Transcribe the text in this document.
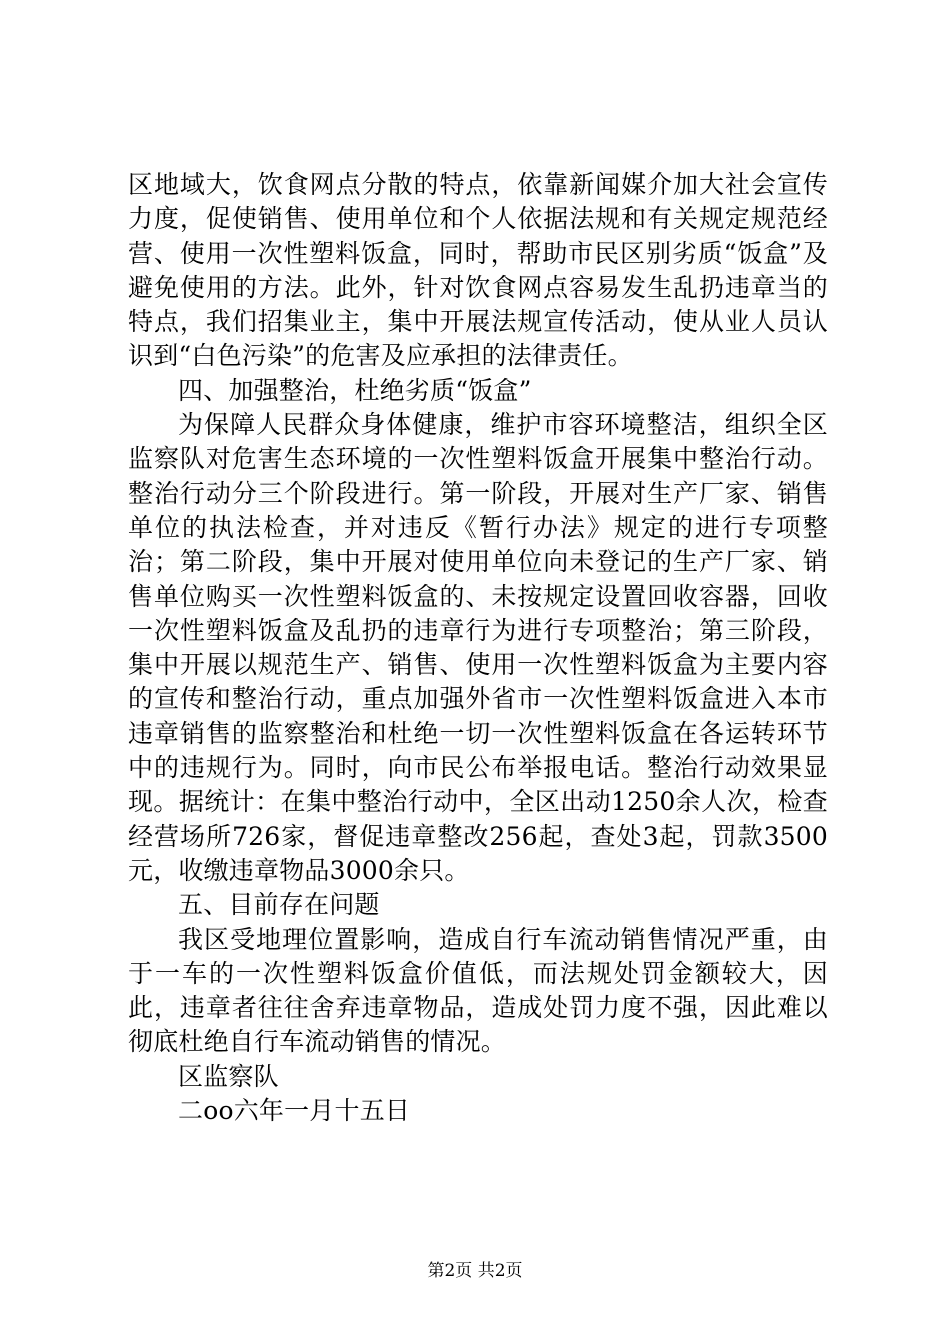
区地域大，饮食网点分散的特点，依靠新闻媒介加大社会宣传力度，促使销售、使用单位和个人依据法规和有关规定规范经营、使用一次性塑料饭盒，同时，帮助市民区别劣质“饭盒”及避免使用的方法。此外，针对饮食网点容易发生乱扔违章当的特点，我们招集业主，集中开展法规宣传活动，使从业人员认识到“白色污染”的危害及应承担的法律责任。

四、加强整治，杜绝劣质“饭盒”

为保障人民群众身体健康，维护市容环境整洁，组织全区监察队对危害生态环境的一次性塑料饭盒开展集中整治行动。整治行动分三个阶段进行。第一阶段，开展对生产厂家、销售单位的执法检查，并对违反《暂行办法》规定的进行专项整治；第二阶段，集中开展对使用单位向未登记的生产厂家、销售单位购买一次性塑料饭盒的、未按规定设置回收容器，回收一次性塑料饭盒及乱扔的违章行为进行专项整治；第三阶段，集中开展以规范生产、销售、使用一次性塑料饭盒为主要内容的宣传和整治行动，重点加强外省市一次性塑料饭盒进入本市违章销售的监察整治和杜绝一切一次性塑料饭盒在各运转环节中的违规行为。同时，向市民公布举报电话。整治行动效果显现。据统计：在集中整治行动中，全区出动1250余人次，检查经营场所726家，督促违章整改256起，查处3起，罚款3500元，收缴违章物品3000余只。

五、目前存在问题

我区受地理位置影响，造成自行车流动销售情况严重，由于一车的一次性塑料饭盒价值低，而法规处罚金额较大，因此，违章者往往舍弃违章物品，造成处罚力度不强，因此难以彻底杜绝自行车流动销售的情况。

区监察队

二oo六年一月十五日

第2页 共2页
